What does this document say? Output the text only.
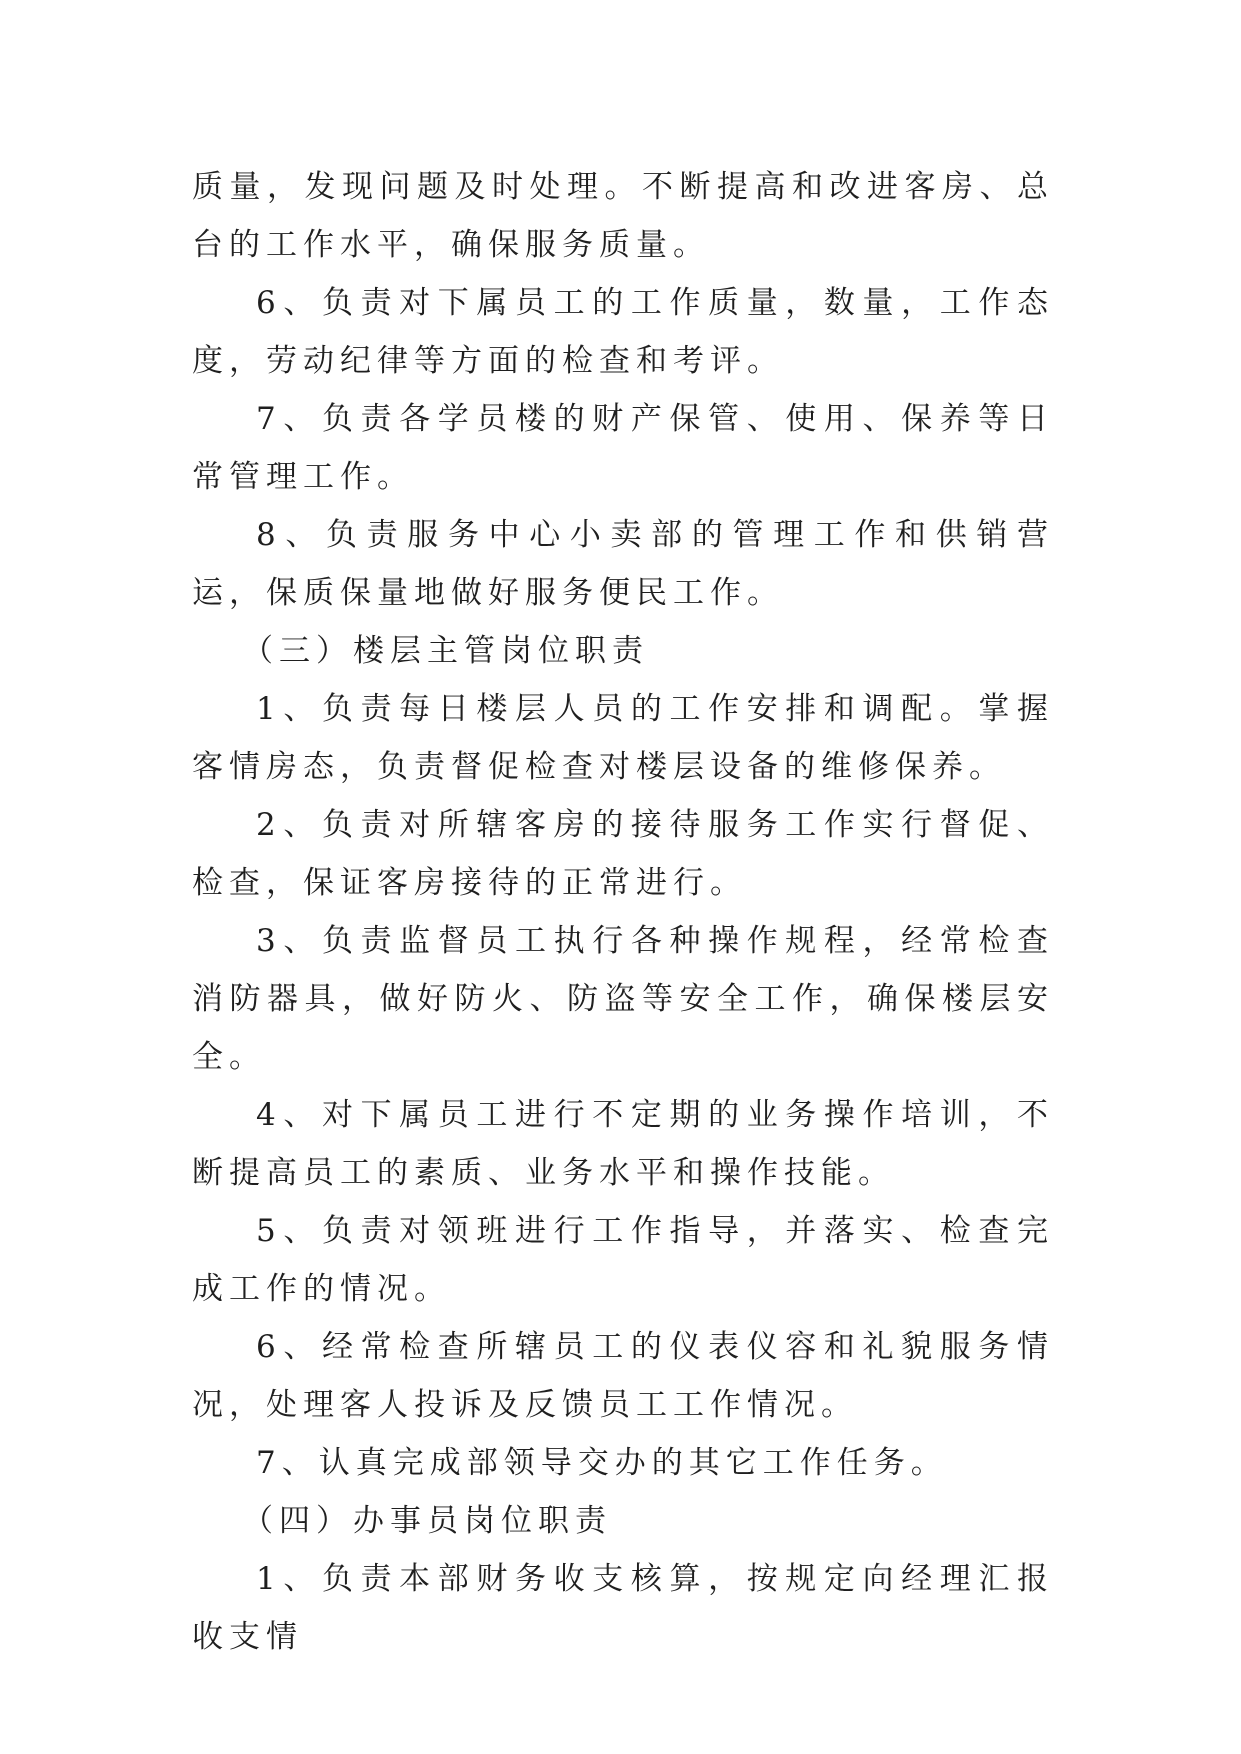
质量，发现问题及时处理。不断提高和改进客房、总台的工作水平，确保服务质量。

6、负责对下属员工的工作质量，数量，工作态度，劳动纪律等方面的检查和考评。

7、负责各学员楼的财产保管、使用、保养等日常管理工作。

8、负责服务中心小卖部的管理工作和供销营运，保质保量地做好服务便民工作。

（三）楼层主管岗位职责

1、负责每日楼层人员的工作安排和调配。掌握客情房态，负责督促检查对楼层设备的维修保养。

2、负责对所辖客房的接待服务工作实行督促、检查，保证客房接待的正常进行。

3、负责监督员工执行各种操作规程，经常检查消防器具，做好防火、防盗等安全工作，确保楼层安全。

4、对下属员工进行不定期的业务操作培训，不断提高员工的素质、业务水平和操作技能。

5、负责对领班进行工作指导，并落实、检查完成工作的情况。

6、经常检查所辖员工的仪表仪容和礼貌服务情况，处理客人投诉及反馈员工工作情况。

7、认真完成部领导交办的其它工作任务。

（四）办事员岗位职责

1、负责本部财务收支核算，按规定向经理汇报收支情
